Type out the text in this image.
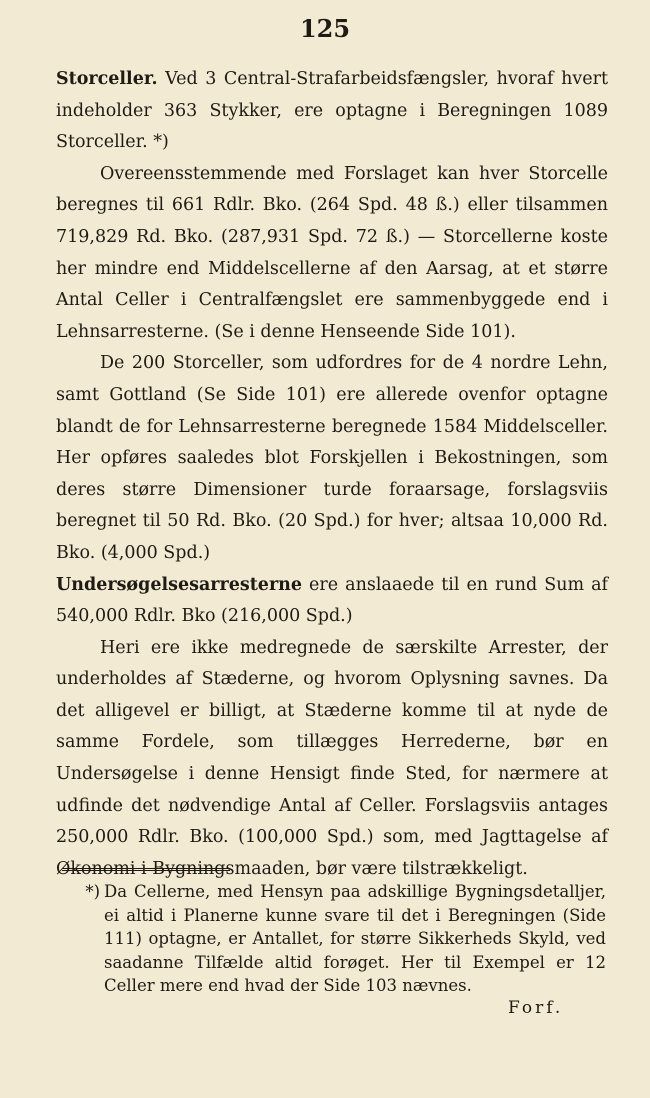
125

Storceller. Ved 3 Central-Strafarbeidsfængsler, hvoraf hvert indeholder 363 Stykker, ere optagne i Beregningen 1089 Storceller. *)

Overeensstemmende med Forslaget kan hver Storcelle beregnes til 661 Rdlr. Bko. (264 Spd. 48 ß.) eller tilsammen 719,829 Rd. Bko. (287,931 Spd. 72 ß.) — Storcellerne koste her mindre end Middelscellerne af den Aarsag, at et større Antal Celler i Centralfængslet ere sammenbyggede end i Lehnsarresterne. (Se i denne Henseende Side 101).

De 200 Storceller, som udfordres for de 4 nordre Lehn, samt Gottland (Se Side 101) ere allerede ovenfor optagne blandt de for Lehnsarresterne beregnede 1584 Middelsceller. Her opføres saaledes blot Forskjellen i Bekostningen, som deres større Dimensioner turde foraarsage, forslagsviis beregnet til 50 Rd. Bko. (20 Spd.) for hver; altsaa 10,000 Rd. Bko. (4,000 Spd.)

Undersøgelsesarresterne ere anslaaede til en rund Sum af 540,000 Rdlr. Bko (216,000 Spd.)

Heri ere ikke medregnede de særskilte Arrester, der underholdes af Stæderne, og hvorom Oplysning savnes. Da det alligevel er billigt, at Stæderne komme til at nyde de samme Fordele, som tillægges Herrederne, bør en Undersøgelse i denne Hensigt finde Sted, for nærmere at udfinde det nødvendige Antal af Celler. Forslagsviis antages 250,000 Rdlr. Bko. (100,000 Spd.) som, med Jagttagelse af Økonomi i Bygningsmaaden, bør være tilstrækkeligt.

*) Da Cellerne, med Hensyn paa adskillige Bygningsdetalljer, ei altid i Planerne kunne svare til det i Beregningen (Side 111) optagne, er Antallet, for større Sikkerheds Skyld, ved saadanne Tilfælde altid forøget. Her til Exempel er 12 Celler mere end hvad der Side 103 nævnes.

Forf.
